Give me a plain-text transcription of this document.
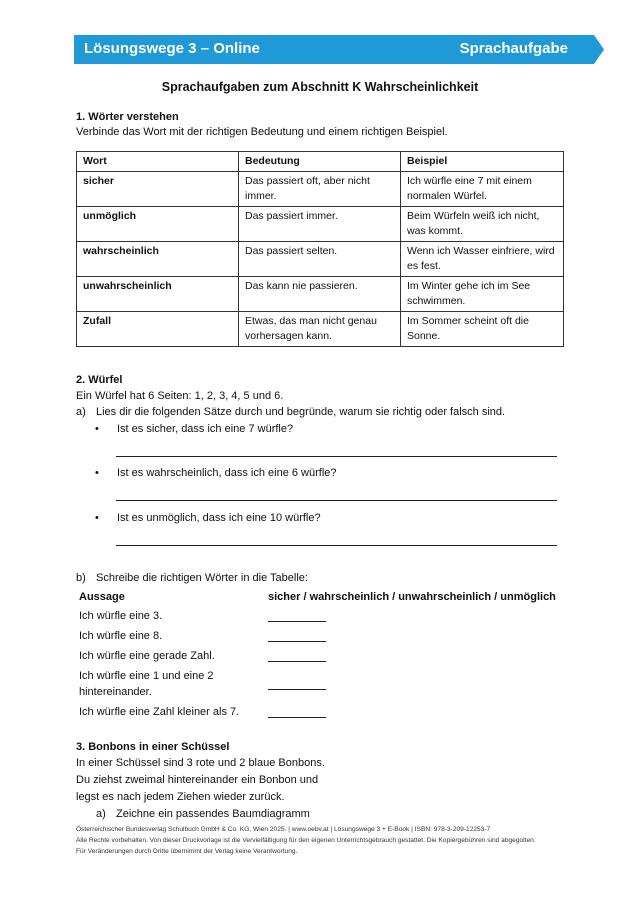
Lösungswege 3 – Online	Sprachaufgabe
Sprachaufgaben zum Abschnitt K Wahrscheinlichkeit
1. Wörter verstehen
Verbinde das Wort mit der richtigen Bedeutung und einem richtigen Beispiel.
Wort	Bedeutung	Beispiel
sicher	Das passiert oft, aber nicht immer.	Ich würfle eine 7 mit einem normalen Würfel.
unmöglich	Das passiert immer.	Beim Würfeln weiß ich nicht, was kommt.
wahrscheinlich	Das passiert selten.	Wenn ich Wasser einfriere, wird es fest.
unwahrscheinlich	Das kann nie passieren.	Im Winter gehe ich im See schwimmen.
Zufall	Etwas, das man nicht genau vorhersagen kann.	Im Sommer scheint oft die Sonne.
2. Würfel
Ein Würfel hat 6 Seiten: 1, 2, 3, 4, 5 und 6.
a) Lies dir die folgenden Sätze durch und begründe, warum sie richtig oder falsch sind.
• Ist es sicher, dass ich eine 7 würfle?
• Ist es wahrscheinlich, dass ich eine 6 würfle?
• Ist es unmöglich, dass ich eine 10 würfle?
b) Schreibe die richtigen Wörter in die Tabelle:
Aussage	sicher / wahrscheinlich / unwahrscheinlich / unmöglich
Ich würfle eine 3.
Ich würfle eine 8.
Ich würfle eine gerade Zahl.
Ich würfle eine 1 und eine 2
hintereinander.
Ich würfle eine Zahl kleiner als 7.
3. Bonbons in einer Schüssel
In einer Schüssel sind 3 rote und 2 blaue Bonbons.
Du ziehst zweimal hintereinander ein Bonbon und
legst es nach jedem Ziehen wieder zurück.
a) Zeichne ein passendes Baumdiagramm
Österreichischer Bundesverlag Schulbuch GmbH & Co. KG, Wien 2025. | www.oebv.at | Lösungswege 3 + E-Book | ISBN: 978-3-209-12253-7
Alle Rechte vorbehalten. Von dieser Druckvorlage ist die Vervielfältigung für den eigenen Unterrichtsgebrauch gestattet. Die Kopiergebühren sind abgegolten.
Für Veränderungen durch Dritte übernimmt der Verlag keine Verantwortung.
